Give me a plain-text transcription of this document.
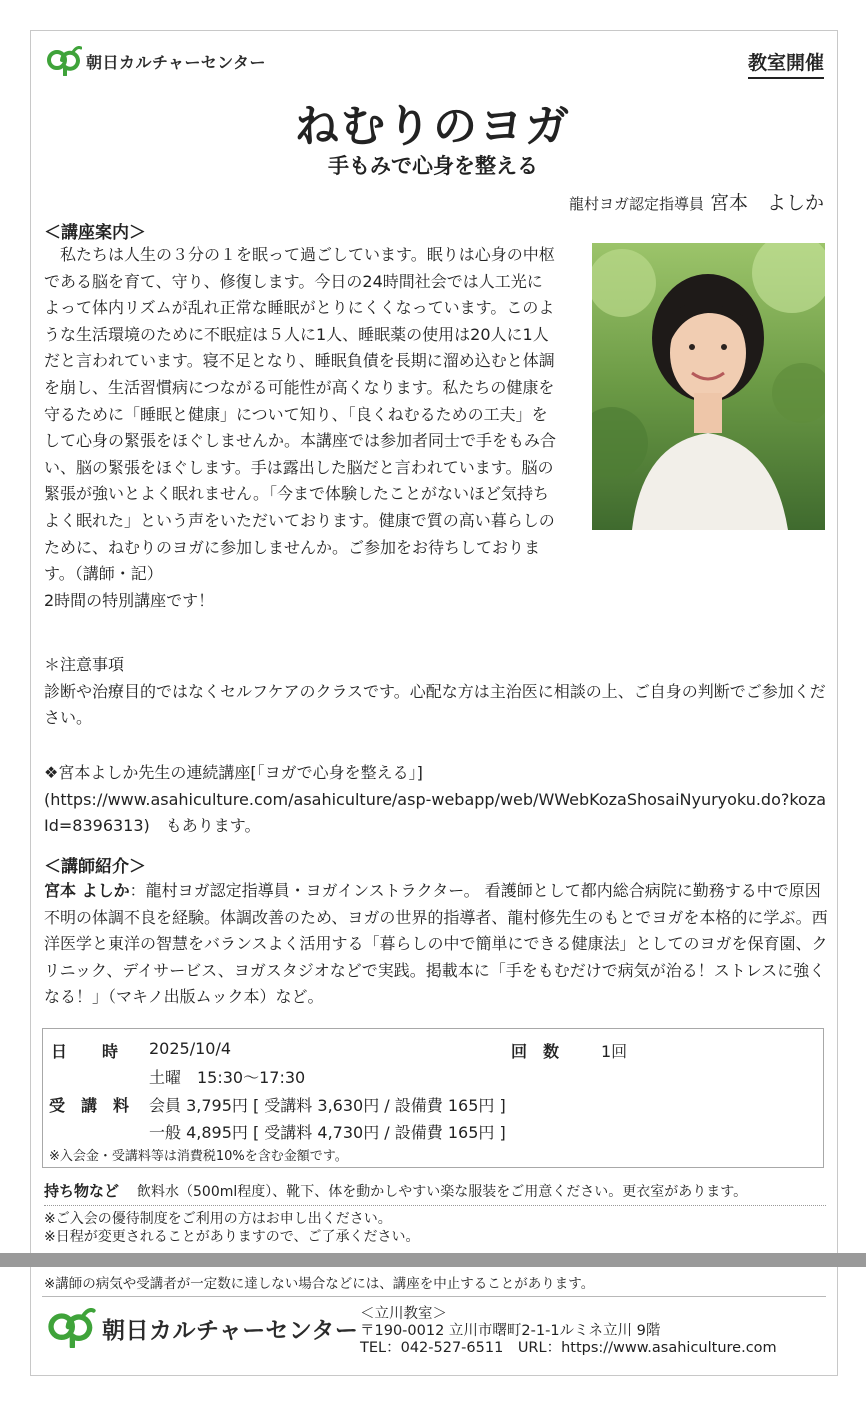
朝日カルチャーセンター	教室開催
ねむりのヨガ
手もみで心身を整える
龍村ヨガ認定指導員 宮本　よしか
＜講座案内＞

私たちは人生の３分の１を眠って過ごしています。眠りは心身の中枢である脳を育て、守り、修復します。今日の24時間社会では人工光によって体内リズムが乱れ正常な睡眠がとりにくくなっています。このような生活環境のために不眠症は５人に1人、睡眠薬の使用は20人に1人だと言われています。寝不足となり、睡眠負債を長期に溜め込むと体調を崩し、生活習慣病につながる可能性が高くなります。私たちの健康を守るために「睡眠と健康」について知り、「良くねむるための工夫」をして心身の緊張をほぐしませんか。本講座では参加者同士で手をもみ合い、脳の緊張をほぐします。手は露出した脳だと言われています。脳の緊張が強いとよく眠れません。「今まで体験したことがないほど気持ちよく眠れた」という声をいただいております。健康で質の高い暮らしのために、ねむりのヨガに参加しませんか。ご参加をお待ちしております。（講師・記）

2時間の特別講座です！

＊注意事項

診断や治療目的ではなくセルフケアのクラスです。心配な方は主治医に相談の上、ご自身の判断でご参加ください。

❖宮本よしか先生の連続講座[「ヨガで心身を整える」]

(https://www.asahiculture.com/asahiculture/asp-webapp/web/WWebKozaShosaiNyuryoku.do?kozaId=8396313)　もあります。

＜講師紹介＞

宮本 よしか：龍村ヨガ認定指導員・ヨガインストラクター。 看護師として都内総合病院に勤務する中で原因不明の体調不良を経験。体調改善のため、ヨガの世界的指導者、龍村修先生のもとでヨガを本格的に学ぶ。西洋医学と東洋の智慧をバランスよく活用する「暮らしの中で簡単にできる健康法」としてのヨガを保育園、クリニック、デイサービス、ヨガスタジオなどで実践。掲載本に「手をもむだけで病気が治る！ストレスに強くなる！」（マキノ出版ムック本）など。

日　　時 2025/10/4	回　数	1回
土曜　15:30〜17:30
受　講　料 会員 3,795円 [ 受講料 3,630円 / 設備費 165円 ]
一般 4,895円 [ 受講料 4,730円 / 設備費 165円 ]
※入会金・受講料等は消費税10%を含む金額です。
持ち物など 飲料水（500ml程度）、靴下、体を動かしやすい楽な服装をご用意ください。更衣室があります。

※ご入会の優待制度をご利用の方はお申し出ください。

※日程が変更されることがありますので、ご了承ください。

※講師の病気や受講者が一定数に達しない場合などには、講座を中止することがあります。
朝日カルチャーセンター

＜立川教室＞

〒190-0012 立川市曙町2-1-1ルミネ立川 9階

TEL：042-527-6511　URL：https://www.asahiculture.com
